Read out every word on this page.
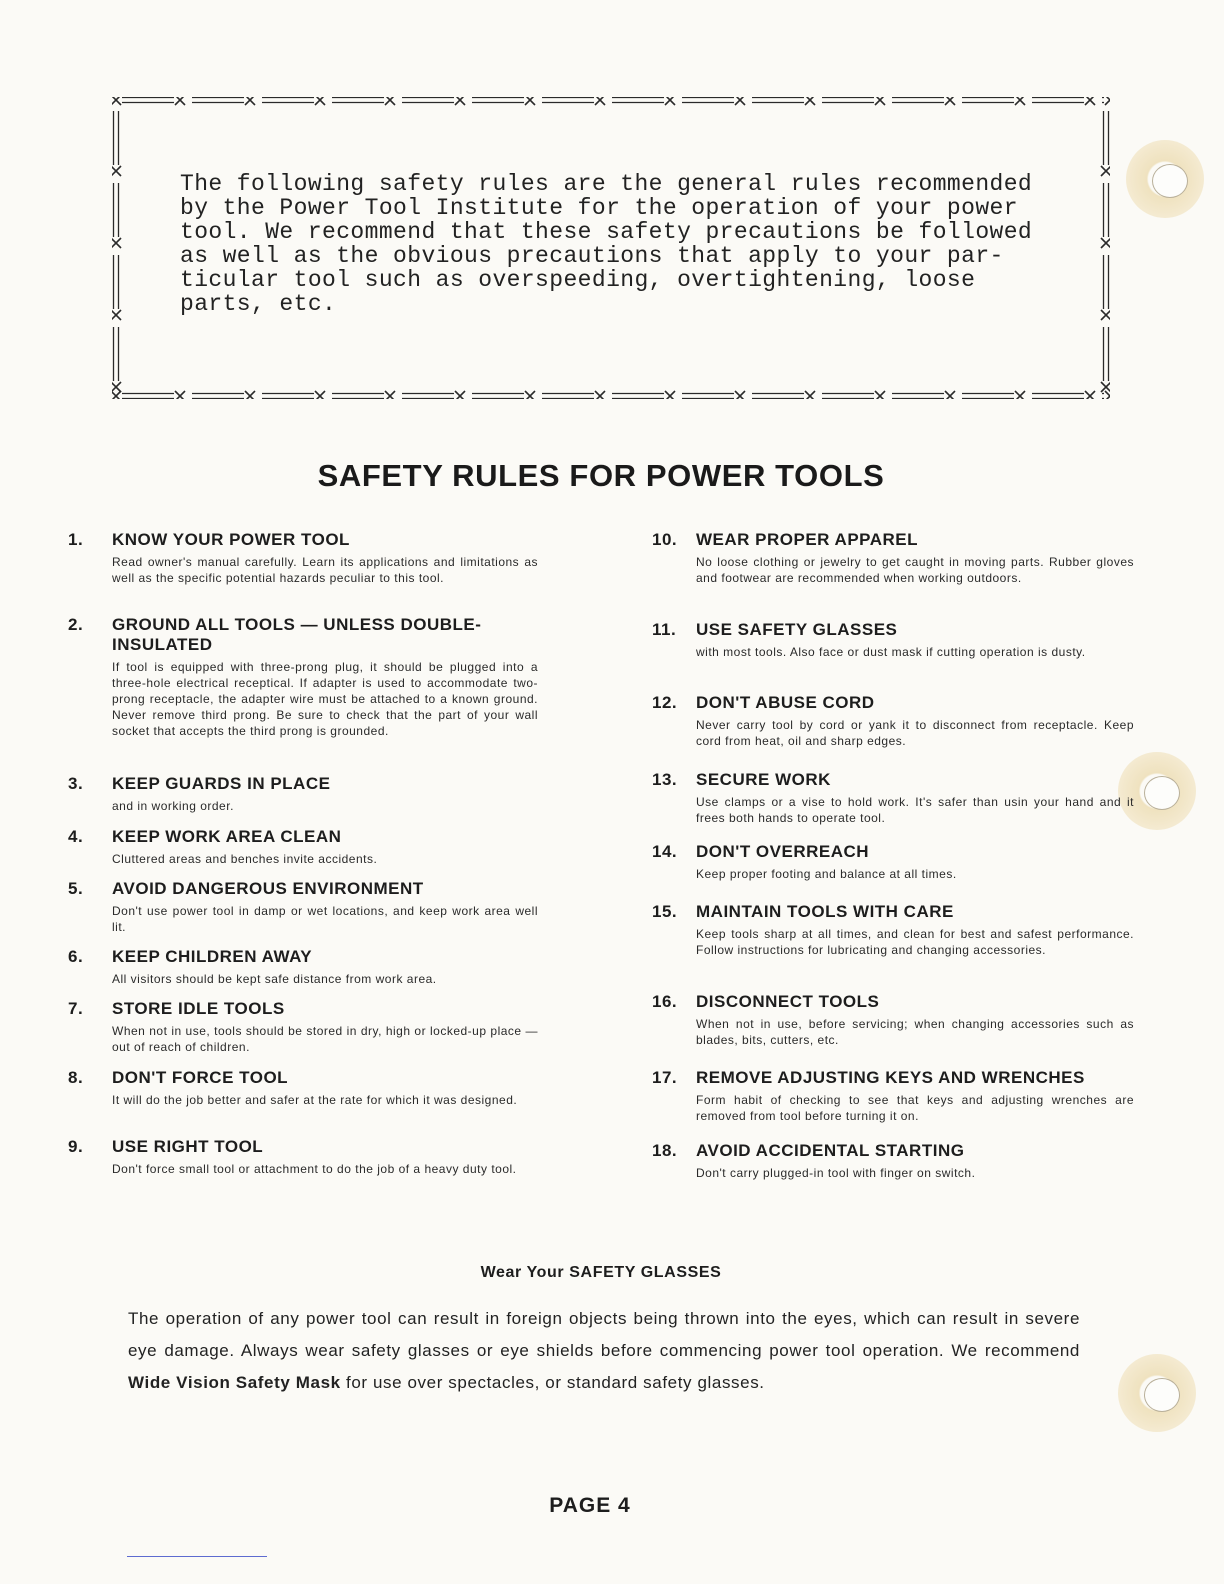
The following safety rules are the general rules recommended
by the Power Tool Institute for the operation of your power
tool. We recommend that these safety precautions be followed
as well as the obvious precautions that apply to your par-
ticular tool such as overspeeding, overtightening, loose
parts, etc.
SAFETY RULES FOR POWER TOOLS
1.	KNOW YOUR POWER TOOL
Read owner's manual carefully. Learn its applications and limitations as well as the specific potential hazards peculiar to this tool.
2.	GROUND ALL TOOLS — UNLESS DOUBLE-INSULATED
If tool is equipped with three-prong plug, it should be plugged into a three-hole electrical receptical. If adapter is used to accommodate two-prong receptacle, the adapter wire must be attached to a known ground. Never remove third prong. Be sure to check that the part of your wall socket that accepts the third prong is grounded.
3.	KEEP GUARDS IN PLACE
and in working order.
4.	KEEP WORK AREA CLEAN
Cluttered areas and benches invite accidents.
5.	AVOID DANGEROUS ENVIRONMENT
Don't use power tool in damp or wet locations, and keep work area well lit.
6.	KEEP CHILDREN AWAY
All visitors should be kept safe distance from work area.
7.	STORE IDLE TOOLS
When not in use, tools should be stored in dry, high or locked-up place — out of reach of children.
8.	DON'T FORCE TOOL
It will do the job better and safer at the rate for which it was designed.
9.	USE RIGHT TOOL
Don't force small tool or attachment to do the job of a heavy duty tool.
10.	WEAR PROPER APPAREL
No loose clothing or jewelry to get caught in moving parts. Rubber gloves and footwear are recommended when working outdoors.
11.	USE SAFETY GLASSES
with most tools. Also face or dust mask if cutting operation is dusty.
12.	DON'T ABUSE CORD
Never carry tool by cord or yank it to disconnect from receptacle. Keep cord from heat, oil and sharp edges.
13.	SECURE WORK
Use clamps or a vise to hold work. It's safer than usin your hand and it frees both hands to operate tool.
14.	DON'T OVERREACH
Keep proper footing and balance at all times.
15.	MAINTAIN TOOLS WITH CARE
Keep tools sharp at all times, and clean for best and safest performance. Follow instructions for lubricating and changing accessories.
16.	DISCONNECT TOOLS
When not in use, before servicing; when changing accessories such as blades, bits, cutters, etc.
17.	REMOVE ADJUSTING KEYS AND WRENCHES
Form habit of checking to see that keys and adjusting wrenches are removed from tool before turning it on.
18.	AVOID ACCIDENTAL STARTING
Don't carry plugged-in tool with finger on switch.
Wear Your SAFETY GLASSES
The operation of any power tool can result in foreign objects being thrown into the eyes, which can result in severe eye damage. Always wear safety glasses or eye shields before commencing power tool operation. We recommend Wide Vision Safety Mask for use over spectacles, or standard safety glasses.
PAGE 4
